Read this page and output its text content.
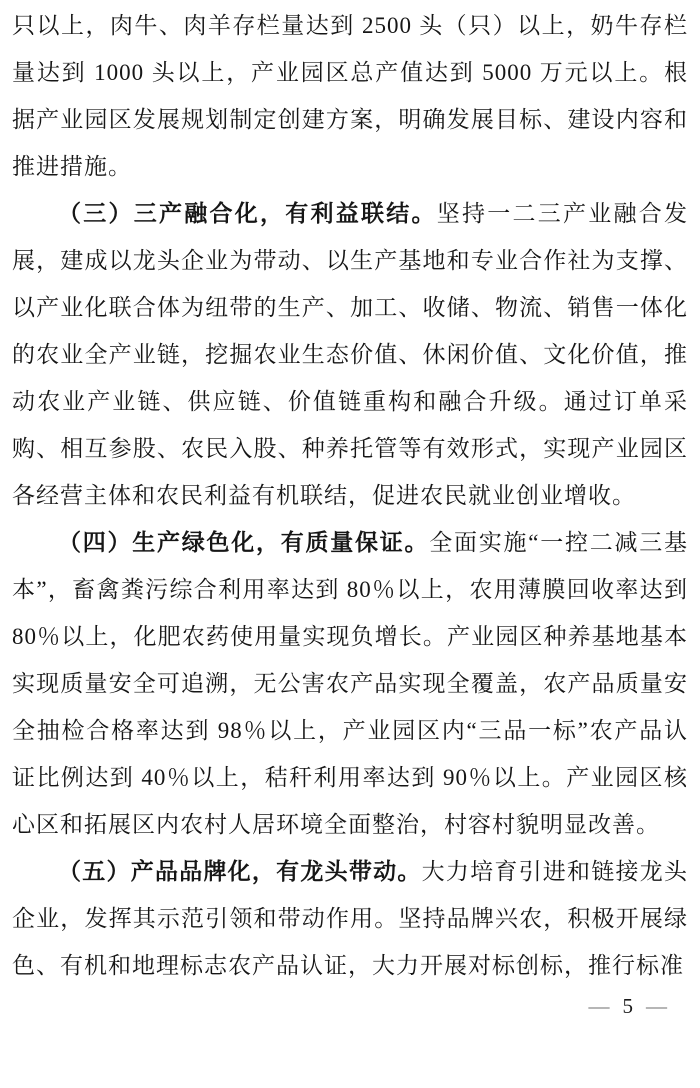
只以上，肉牛、肉羊存栏量达到 2500 头（只）以上，奶牛存栏量达到 1000 头以上，产业园区总产值达到 5000 万元以上。根据产业园区发展规划制定创建方案，明确发展目标、建设内容和推进措施。

（三）三产融合化，有利益联结。坚持一二三产业融合发展，建成以龙头企业为带动、以生产基地和专业合作社为支撑、以产业化联合体为纽带的生产、加工、收储、物流、销售一体化的农业全产业链，挖掘农业生态价值、休闲价值、文化价值，推动农业产业链、供应链、价值链重构和融合升级。通过订单采购、相互参股、农民入股、种养托管等有效形式，实现产业园区各经营主体和农民利益有机联结，促进农民就业创业增收。

（四）生产绿色化，有质量保证。全面实施“一控二减三基本”，畜禽粪污综合利用率达到 80％以上，农用薄膜回收率达到 80％以上，化肥农药使用量实现负增长。产业园区种养基地基本实现质量安全可追溯，无公害农产品实现全覆盖，农产品质量安全抽检合格率达到 98％以上，产业园区内“三品一标”农产品认证比例达到 40％以上，秸秆利用率达到 90％以上。产业园区核心区和拓展区内农村人居环境全面整治，村容村貌明显改善。

（五）产品品牌化，有龙头带动。大力培育引进和链接龙头企业，发挥其示范引领和带动作用。坚持品牌兴农，积极开展绿色、有机和地理标志农产品认证，大力开展对标创标，推行标准

— 5 —
